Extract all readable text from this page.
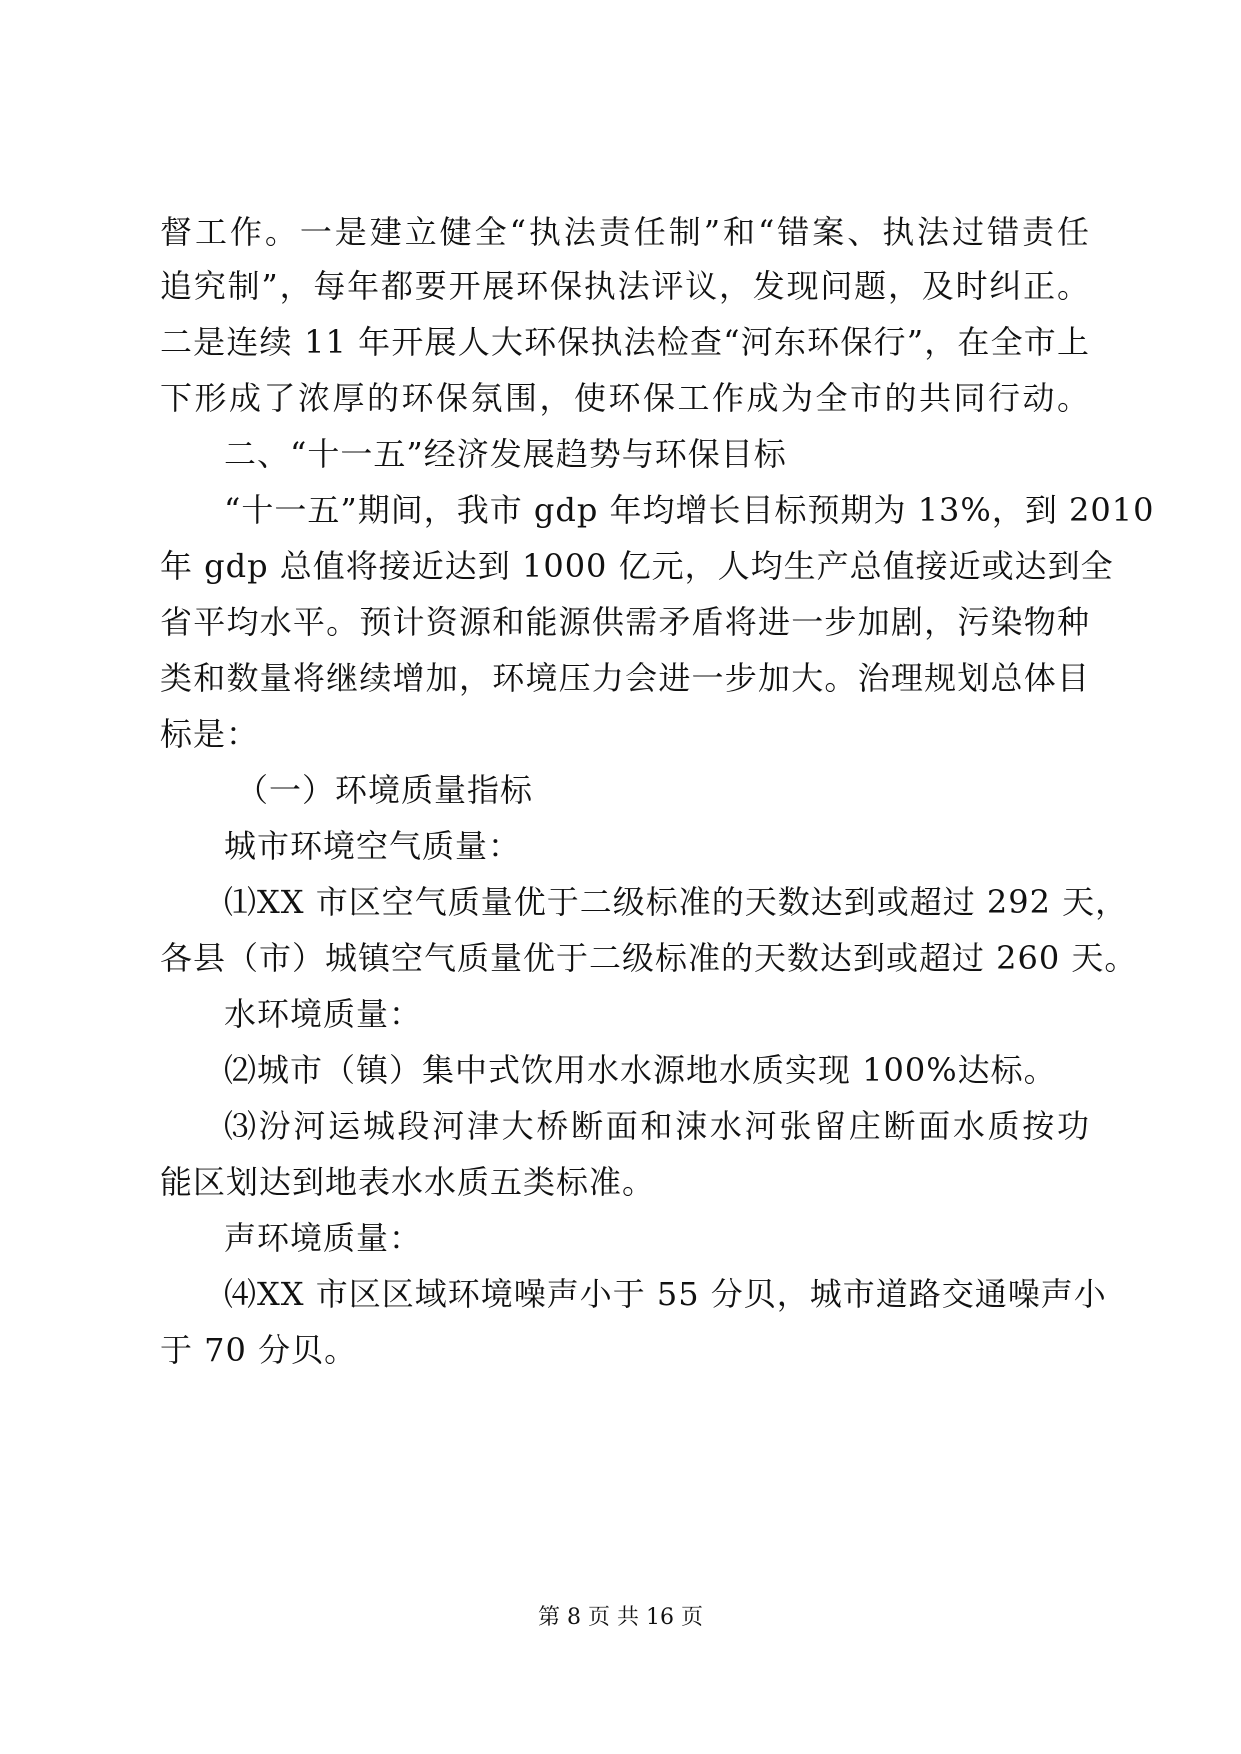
督工作。一是建立健全“执法责任制”和“错案、执法过错责任
追究制”，每年都要开展环保执法评议，发现问题，及时纠正。
二是连续 11 年开展人大环保执法检查“河东环保行”，在全市上
下形成了浓厚的环保氛围，使环保工作成为全市的共同行动。
二、“十一五”经济发展趋势与环保目标
“十一五”期间，我市 gdp 年均增长目标预期为 13%，到 2010
年 gdp 总值将接近达到 1000 亿元，人均生产总值接近或达到全
省平均水平。预计资源和能源供需矛盾将进一步加剧，污染物种
类和数量将继续增加，环境压力会进一步加大。治理规划总体目
标是：
（一）环境质量指标
城市环境空气质量：
⑴XX 市区空气质量优于二级标准的天数达到或超过 292 天，
各县（市）城镇空气质量优于二级标准的天数达到或超过 260 天。
水环境质量：
⑵城市（镇）集中式饮用水水源地水质实现 100%达标。
⑶汾河运城段河津大桥断面和涑水河张留庄断面水质按功
能区划达到地表水水质五类标准。
声环境质量：
⑷XX 市区区域环境噪声小于 55 分贝，城市道路交通噪声小
于 70 分贝。
第 8 页 共 16 页
